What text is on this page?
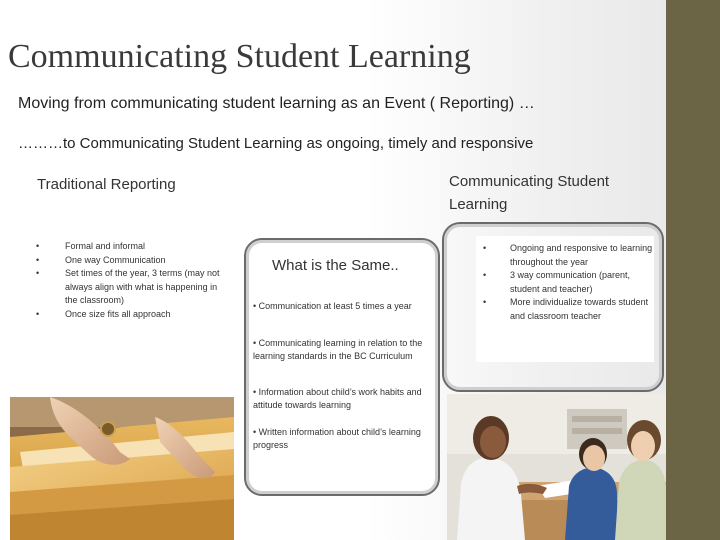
Communicating Student Learning
Moving from communicating student learning as an Event ( Reporting) …
………to Communicating Student Learning as ongoing, timely and responsive
Traditional Reporting	Communicating Student Learning
•	Formal and informal
•	One way Communication
•	Set times of the year, 3 terms (may not always align with what is happening in the classroom)
•	Once size fits all approach
What is the Same..
• Communication at least 5 times a year
• Communicating learning in relation to the learning standards in the BC Curriculum
• Information about child’s work habits and attitude towards learning
• Written information about child’s learning progress
•	Ongoing and responsive to learning throughout the year
•	3 way communication (parent, student and teacher)
•	More individualize towards student and classroom teacher
